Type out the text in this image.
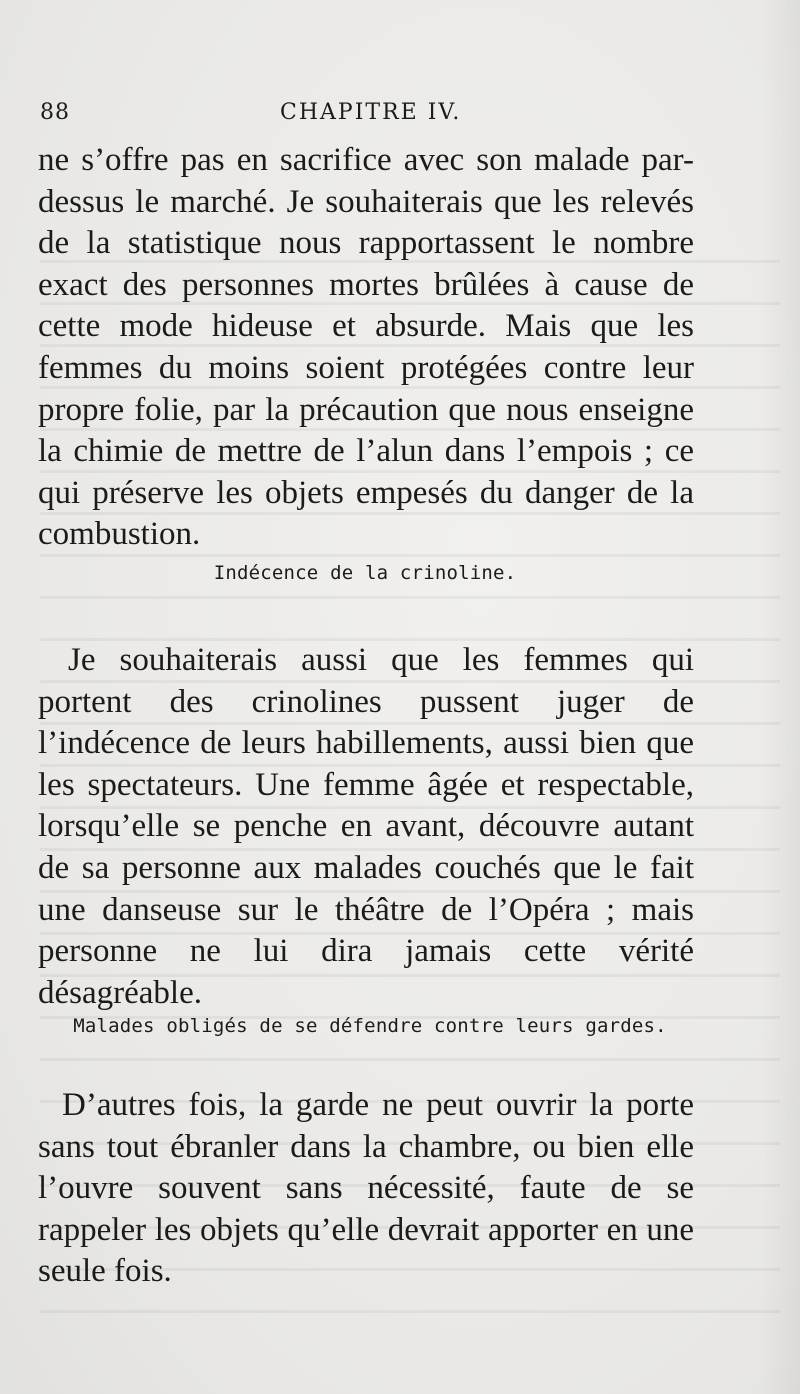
88	CHAPITRE IV.

ne s’offre pas en sacrifice avec son malade par-dessus le marché. Je souhaiterais que les relevés de la statistique nous rapportassent le nombre exact des personnes mortes brûlées à cause de cette mode hideuse et absurde. Mais que les femmes du moins soient protégées contre leur propre folie, par la précaution que nous enseigne la chimie de mettre de l’alun dans l’empois ; ce qui préserve les objets empesés du danger de la combustion.

Indécence de la crinoline.

Je souhaiterais aussi que les femmes qui portent des crinolines pussent juger de l’indécence de leurs habillements, aussi bien que les spectateurs. Une femme âgée et respectable, lorsqu’elle se penche en avant, découvre autant de sa personne aux malades couchés que le fait une danseuse sur le théâtre de l’Opéra ; mais personne ne lui dira jamais cette vérité désagréable.

Malades obligés de se défendre contre leurs gardes.

D’autres fois, la garde ne peut ouvrir la porte sans tout ébranler dans la chambre, ou bien elle l’ouvre souvent sans nécessité, faute de se rappeler les objets qu’elle devrait apporter en une seule fois.
